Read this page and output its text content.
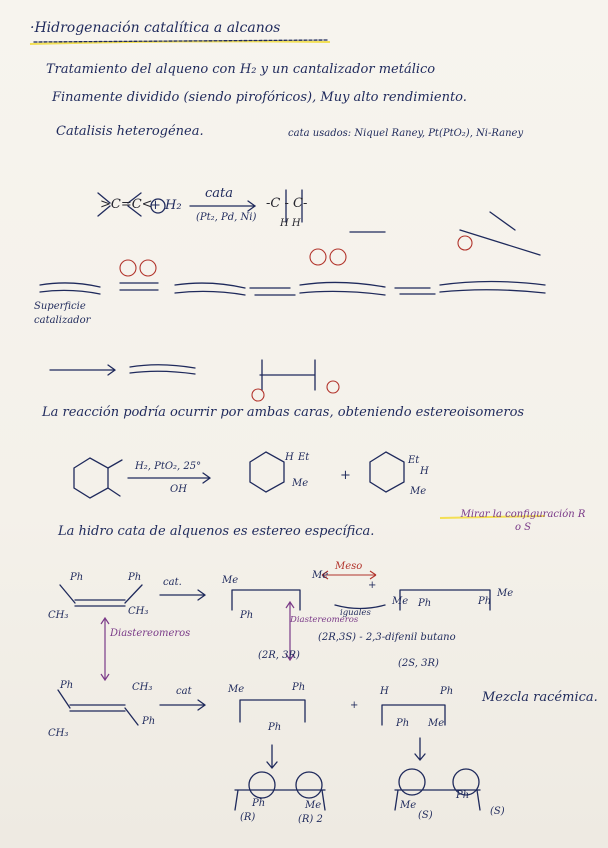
·Hidrogenación catalítica a alcanos
Tratamiento del alqueno con H₂ y un cantalizador metálico
Finamente dividido (siendo pirofóricos), Muy alto rendimiento.
Catalisis heterogénea.	cata usados: Niquel Raney, Pt(PtO₂), Ni-Raney
>C=C<
+ H₂
cata
(Pt₂, Pd, Ni)
-C - C-
H H
Superficie catalizador
La reacción podría ocurrir por ambas caras, obteniendo estereoisomeros
H₂, PtO₂, 25°
OH
H Et
Me
+
Et
H
Me
La hidro cata de alquenos es estereo específica.
Mirar la configuración R o S
Ph	Ph
CH₃	CH₃
cat.	Me	Me
Ph
Meso
+
Me Ph	Ph
Me
iguales
Diastereomeros
Diastereomeros
(2R,3S) - 2,3-difenil butano
(2R, 3R)
(2S, 3R)
Ph	CH₃
CH₃
Ph
cat	Me	Ph
Ph
+
H
Ph Me
Ph Mezcla racémica.
Ph	Me
(R)	(R) 2
Me
(S)
Ph
(S)
